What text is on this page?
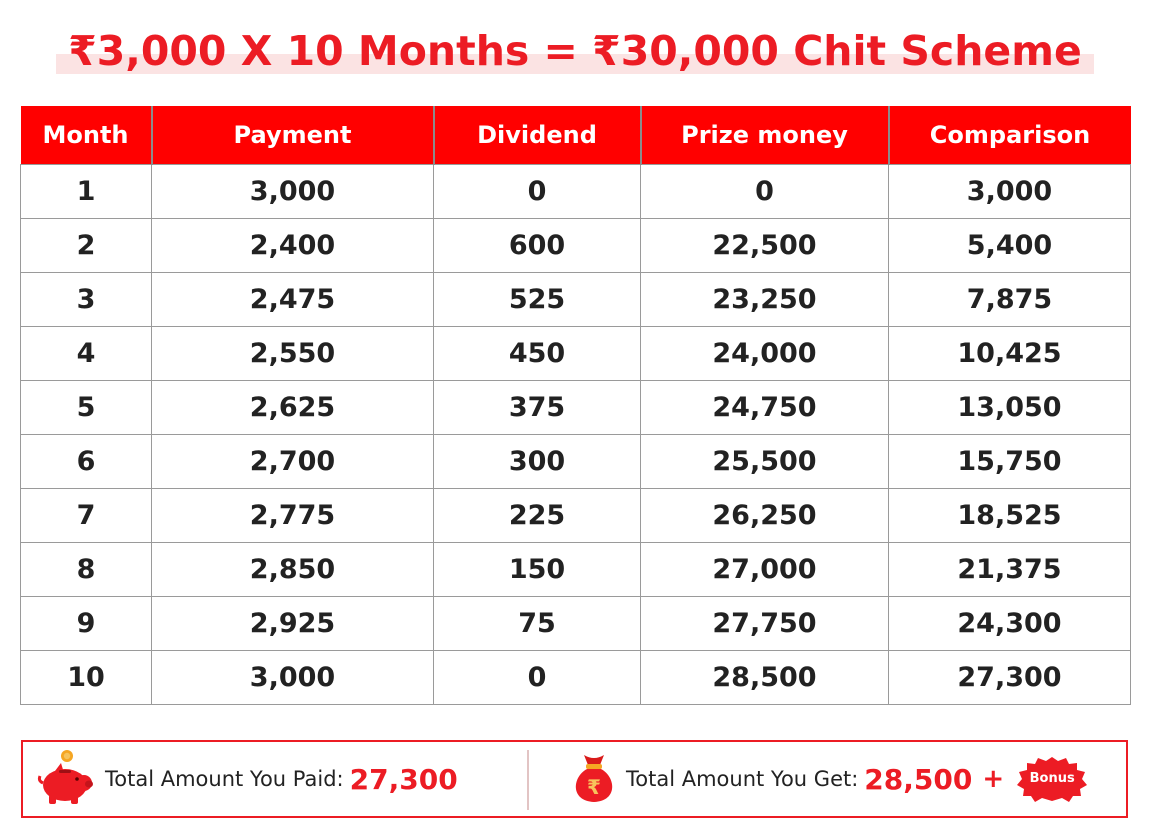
₹3,000 X 10 Months = ₹30,000 Chit Scheme
Month	Payment	Dividend	Prize money	Comparison
1	3,000	0	0	3,000
2	2,400	600	22,500	5,400
3	2,475	525	23,250	7,875
4	2,550	450	24,000	10,425
5	2,625	375	24,750	13,050
6	2,700	300	25,500	15,750
7	2,775	225	26,250	18,525
8	2,850	150	27,000	21,375
9	2,925	75	27,750	24,300
10	3,000	0	28,500	27,300
Total Amount You Paid: 27,300	₹ Total Amount You Get: 28,500 +	Bonus
